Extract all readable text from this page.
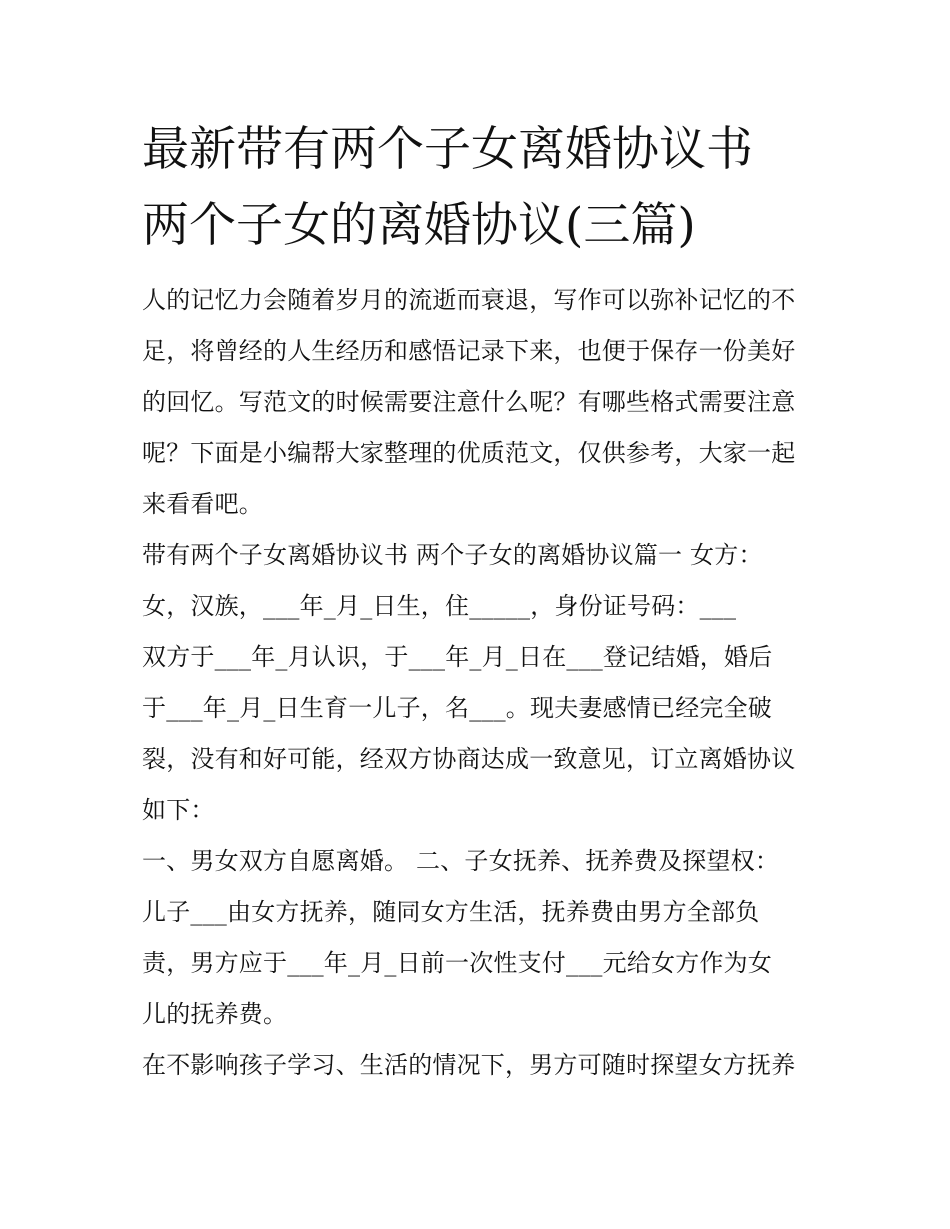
最新带有两个子女离婚协议书
两个子女的离婚协议(三篇)
人的记忆力会随着岁月的流逝而衰退，写作可以弥补记忆的不
足，将曾经的人生经历和感悟记录下来，也便于保存一份美好
的回忆。写范文的时候需要注意什么呢？有哪些格式需要注意
呢？下面是小编帮大家整理的优质范文，仅供参考，大家一起
来看看吧。
带有两个子女离婚协议书 两个子女的离婚协议篇一 女方：
女，汉族，___年_月_日生，住_____，身份证号码：___
双方于___年_月认识，于___年_月_日在___登记结婚，婚后
于___年_月_日生育一儿子，名___。现夫妻感情已经完全破
裂，没有和好可能，经双方协商达成一致意见，订立离婚协议
如下：
一、男女双方自愿离婚。 二、子女抚养、抚养费及探望权：
儿子___由女方抚养，随同女方生活，抚养费由男方全部负
责，男方应于___年_月_日前一次性支付___元给女方作为女
儿的抚养费。
在不影响孩子学习、生活的情况下，男方可随时探望女方抚养
